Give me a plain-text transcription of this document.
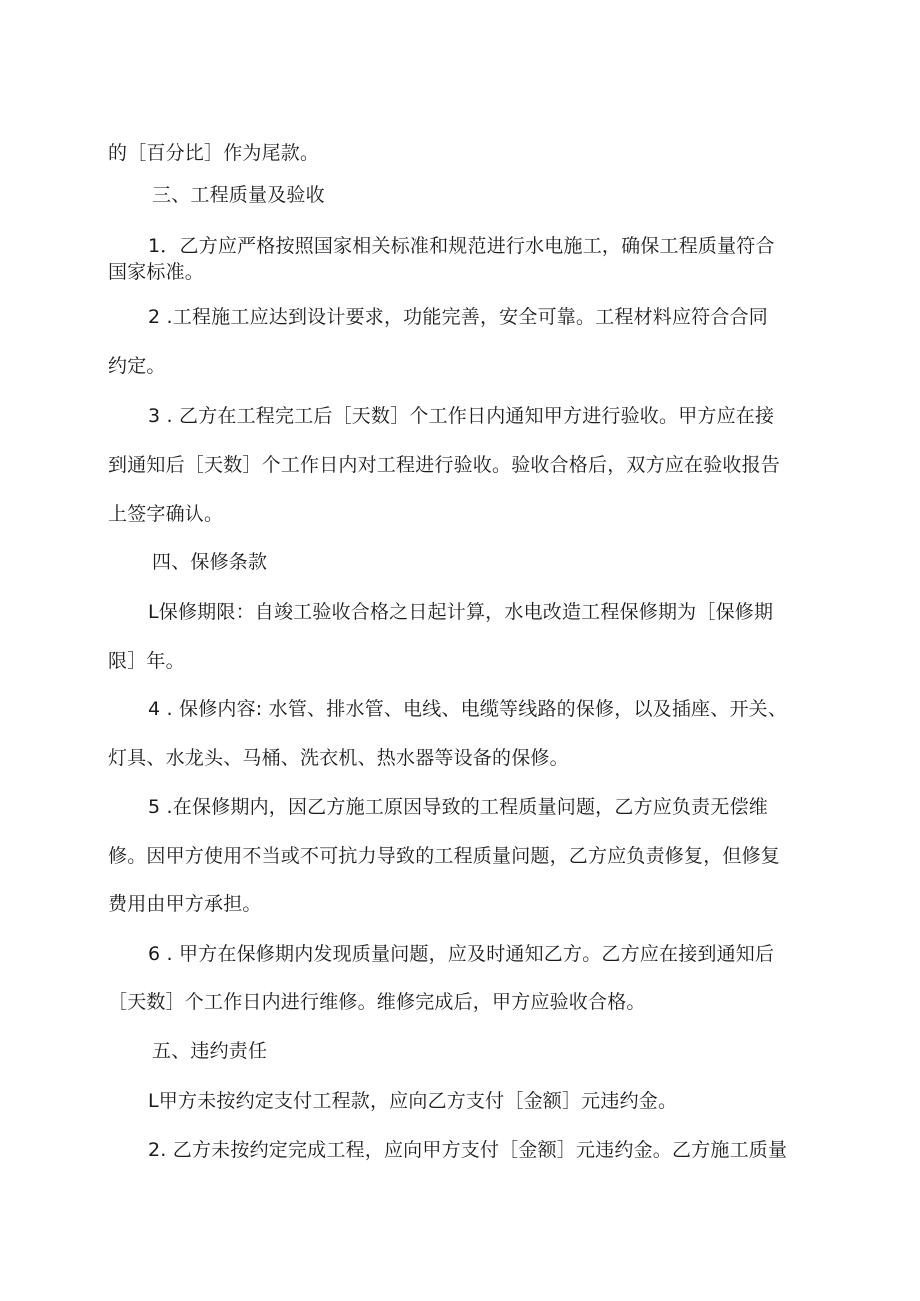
的［百分比］作为尾款。
三、工程质量及验收
1．乙方应严格按照国家相关标准和规范进行水电施工，确保工程质量符合
国家标准。
2 .工程施工应达到设计要求，功能完善，安全可靠。工程材料应符合合同
约定。
3 . 乙方在工程完工后［天数］个工作日内通知甲方进行验收。甲方应在接
到通知后［天数］个工作日内对工程进行验收。验收合格后，双方应在验收报告
上签字确认。
四、保修条款
L保修期限：自竣工验收合格之日起计算，水电改造工程保修期为［保修期
限］年。
4 . 保修内容: 水管、排水管、电线、电缆等线路的保修，以及插座、开关、
灯具、水龙头、马桶、洗衣机、热水器等设备的保修。
5 .在保修期内，因乙方施工原因导致的工程质量问题，乙方应负责无偿维
修。因甲方使用不当或不可抗力导致的工程质量问题，乙方应负责修复，但修复
费用由甲方承担。
6 . 甲方在保修期内发现质量问题，应及时通知乙方。乙方应在接到通知后
［天数］个工作日内进行维修。维修完成后，甲方应验收合格。
五、违约责任
L甲方未按约定支付工程款，应向乙方支付［金额］元违约金。
2. 乙方未按约定完成工程，应向甲方支付［金额］元违约金。乙方施工质量
